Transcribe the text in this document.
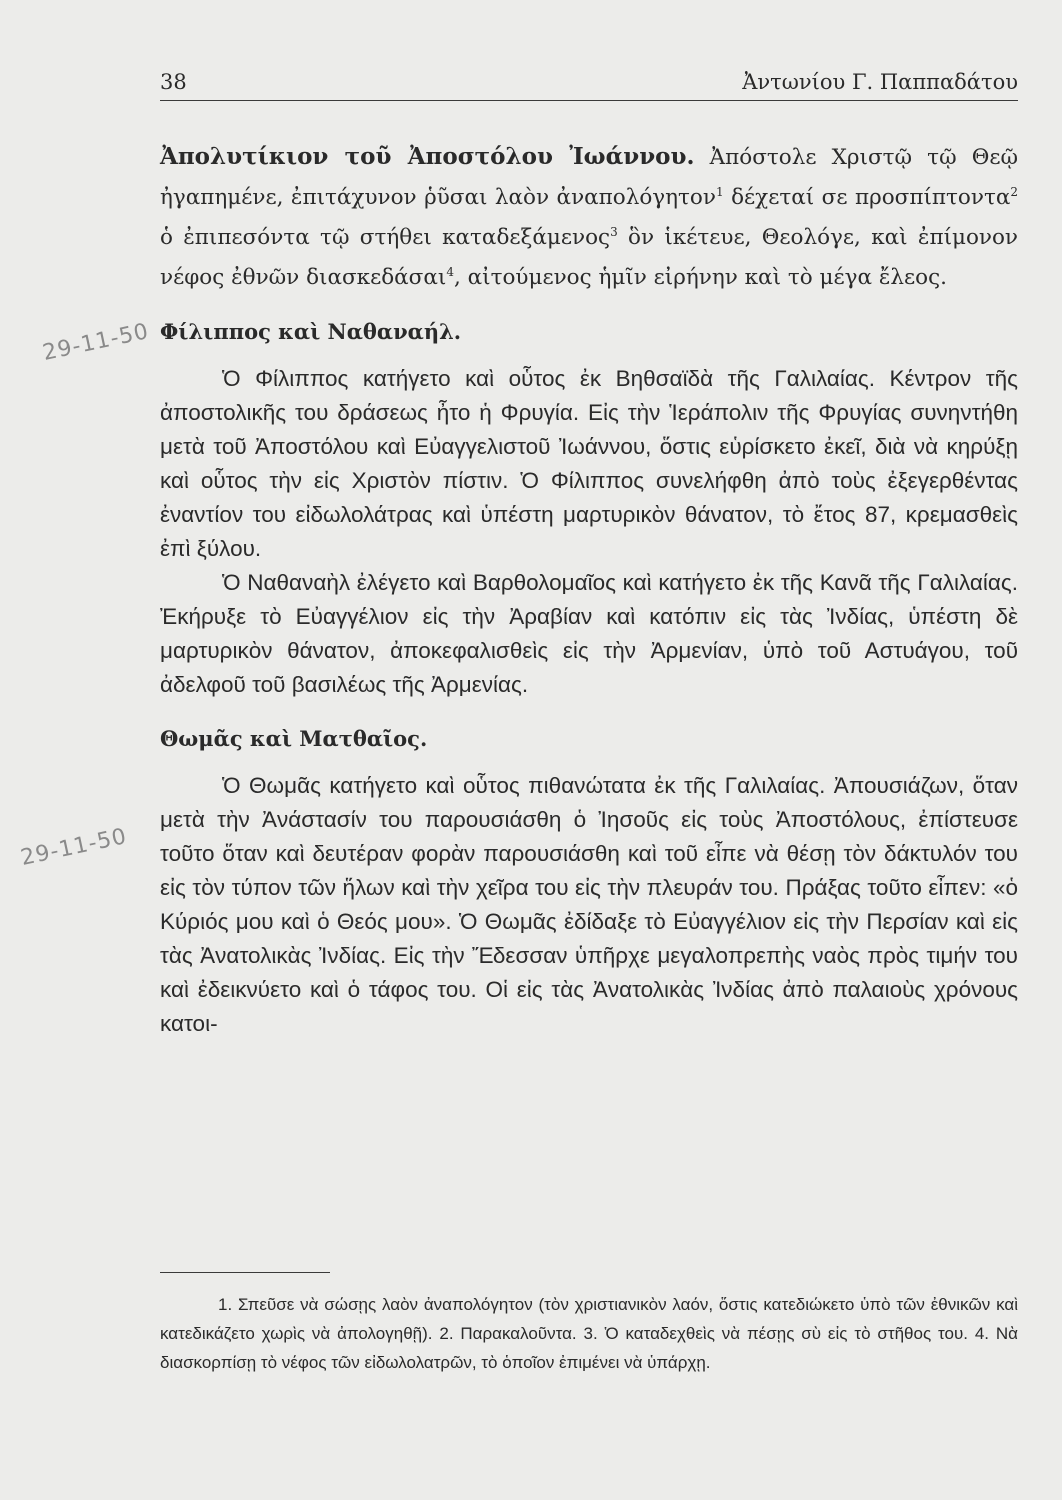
38	Ἀντωνίου Γ. Παππαδάτου
29-11-50
29-11-50

Ἀπολυτίκιον τοῦ Ἀποστόλου Ἰωάννου. Ἀπόστολε Χριστῷ τῷ Θεῷ ἠγαπημένε, ἐπιτάχυνον ῥῦσαι λαὸν ἀναπολόγητον$^1$ δέχεταί σε προσπίπτοντα$^2$ ὁ ἐπιπεσόντα τῷ στήθει καταδεξάμενος$^3$ ὃν ἱκέτευε, Θεολόγε, καὶ ἐπίμονον νέφος ἐθνῶν διασκεδάσαι$^4$, αἰτούμενος ἡμῖν εἰρήνην καὶ τὸ μέγα ἔλεος.

Φίλιππος καὶ Ναθαναήλ.

Ὁ Φίλιππος κατήγετο καὶ οὗτος ἐκ Βηθσαϊδὰ τῆς Γαλιλαίας. Κέντρον τῆς ἀποστολικῆς του δράσεως ἦτο ἡ Φρυγία. Εἰς τὴν Ἱεράπολιν τῆς Φρυγίας συνηντήθη μετὰ τοῦ Ἀποστόλου καὶ Εὐαγγελιστοῦ Ἰωάννου, ὅστις εὑρίσκετο ἐκεῖ, διὰ νὰ κηρύξῃ καὶ οὗτος τὴν εἰς Χριστὸν πίστιν. Ὁ Φίλιππος συνελήφθη ἀπὸ τοὺς ἐξεγερθέντας ἐναντίον του εἰδωλολάτρας καὶ ὑπέστη μαρτυρικὸν θάνατον, τὸ ἔτος 87, κρεμασθεὶς ἐπὶ ξύλου.

Ὁ Ναθαναὴλ ἐλέγετο καὶ Βαρθολομαῖος καὶ κατήγετο ἐκ τῆς Κανᾶ τῆς Γαλιλαίας. Ἐκήρυξε τὸ Εὐαγγέλιον εἰς τὴν Ἀραβίαν καὶ κατόπιν εἰς τὰς Ἰνδίας, ὑπέστη δὲ μαρτυρικὸν θάνατον, ἀποκεφαλισθεὶς εἰς τὴν Ἀρμενίαν, ὑπὸ τοῦ Αστυάγου, τοῦ ἀδελφοῦ τοῦ βασιλέως τῆς Ἀρμενίας.

Θωμᾶς καὶ Ματθαῖος.

Ὁ Θωμᾶς κατήγετο καὶ οὗτος πιθανώτατα ἐκ τῆς Γαλιλαίας. Ἀπουσιάζων, ὅταν μετὰ τὴν Ἀνάστασίν του παρουσιάσθη ὁ Ἰησοῦς εἰς τοὺς Ἀποστόλους, ἐπίστευσε τοῦτο ὅταν καὶ δευτέραν φορὰν παρουσιάσθη καὶ τοῦ εἶπε νὰ θέσῃ τὸν δάκτυλόν του εἰς τὸν τύπον τῶν ἥλων καὶ τὴν χεῖρα του εἰς τὴν πλευράν του. Πράξας τοῦτο εἶπεν: «ὁ Κύριός μου καὶ ὁ Θεός μου». Ὁ Θωμᾶς ἐδίδαξε τὸ Εὐαγγέλιον εἰς τὴν Περσίαν καὶ εἰς τὰς Ἀνατολικὰς Ἰνδίας. Εἰς τὴν Ἔδεσσαν ὑπῆρχε μεγαλοπρεπὴς ναὸς πρὸς τιμήν του καὶ ἐδεικνύετο καὶ ὁ τάφος του. Οἱ εἰς τὰς Ἀνατολικὰς Ἰνδίας ἀπὸ παλαιοὺς χρόνους κατοι-

1. Σπεῦσε νὰ σώσῃς λαὸν ἀναπολόγητον (τὸν χριστιανικὸν λαόν, ὅστις κατεδιώκετο ὑπὸ τῶν ἐθνικῶν καὶ κατεδικάζετο χωρὶς νὰ ἀπολογηθῇ). 2. Παρακαλοῦντα. 3. Ὁ καταδεχθεὶς νὰ πέσῃς σὺ εἰς τὸ στῆθος του. 4. Νὰ διασκορπίσῃ τὸ νέφος τῶν εἰδωλολατρῶν, τὸ ὁποῖον ἐπιμένει νὰ ὑπάρχῃ.
